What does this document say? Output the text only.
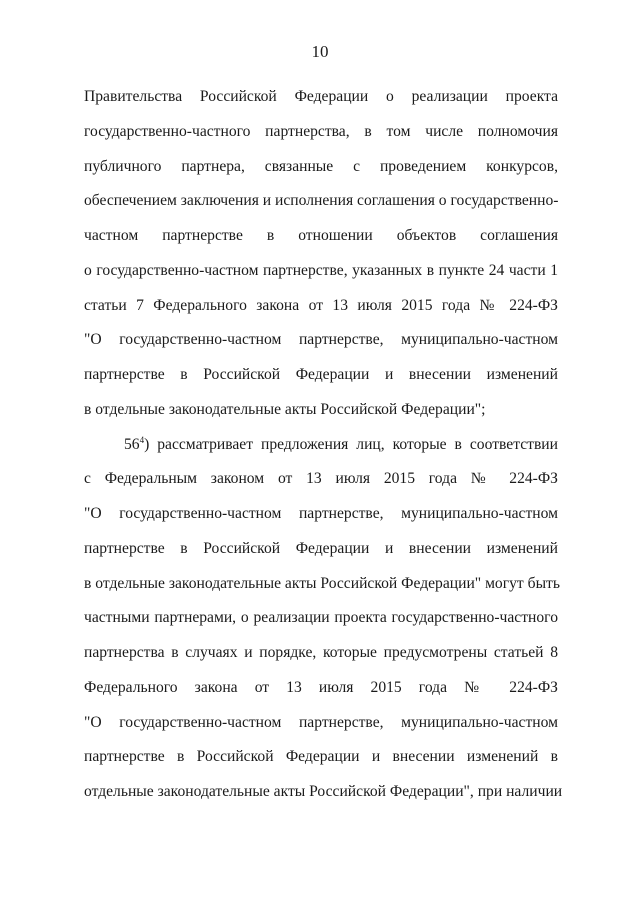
10
Правительства Российской Федерации о реализации проекта
государственно-частного партнерства, в том числе полномочия
публичного партнера, связанные с проведением конкурсов,
обеспечением заключения и исполнения соглашения о государственно-
частном партнерстве в отношении объектов соглашения
о государственно-частном партнерстве, указанных в пункте 24 части 1
статьи 7 Федерального закона от 13 июля 2015 года № 224-ФЗ
"О государственно-частном партнерстве, муниципально-частном
партнерстве в Российской Федерации и внесении изменений
в отдельные законодательные акты Российской Федерации";
$56^4$) рассматривает предложения лиц, которые в соответствии
с Федеральным законом от 13 июля 2015 года № 224-ФЗ
"О государственно-частном партнерстве, муниципально-частном
партнерстве в Российской Федерации и внесении изменений
в отдельные законодательные акты Российской Федерации" могут быть
частными партнерами, о реализации проекта государственно-частного
партнерства в случаях и порядке, которые предусмотрены статьей 8
Федерального закона от 13 июля 2015 года № 224-ФЗ
"О государственно-частном партнерстве, муниципально-частном
партнерстве в Российской Федерации и внесении изменений в
отдельные законодательные акты Российской Федерации", при наличии
